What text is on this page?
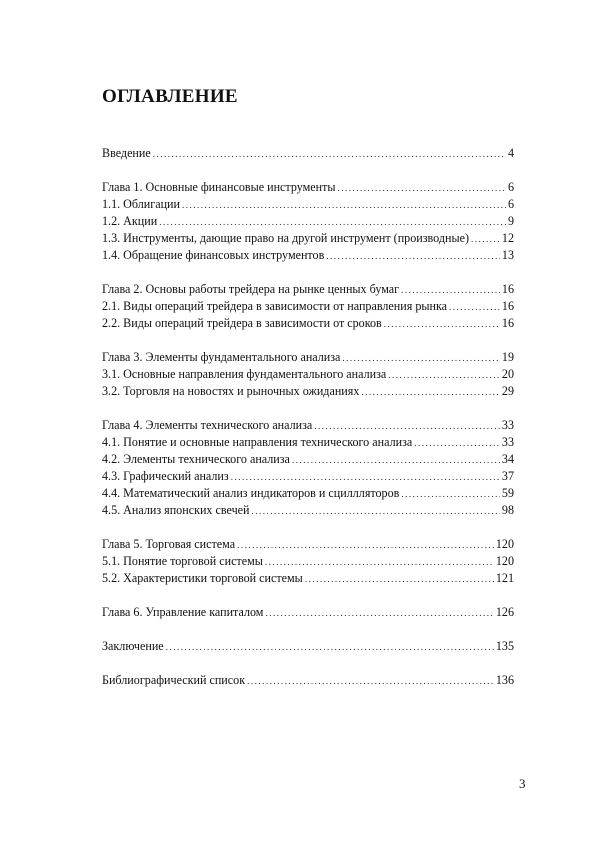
ОГЛАВЛЕНИЕ
Введение .....	4
Глава 1. Основные финансовые инструменты .....	6
1.1. Облигации .....	6
1.2. Акции .....	9
1.3. Инструменты, дающие право на другой инструмент (производные) .....	12
1.4. Обращение финансовых инструментов .....	13
Глава 2. Основы работы трейдера на рынке ценных бумаг .....	16
2.1. Виды операций трейдера в зависимости от направления рынка .....	16
2.2. Виды операций трейдера в зависимости от сроков .....	16
Глава 3. Элементы фундаментального анализа .....	19
3.1. Основные направления фундаментального анализа .....	20
3.2. Торговля на новостях и рыночных ожиданиях .....	29
Глава 4. Элементы технического анализа .....	33
4.1. Понятие и основные направления технического анализа .....	33
4.2. Элементы технического анализа .....	34
4.3. Графический анализ .....	37
4.4. Математический анализ индикаторов и сциллляторов .....	59
4.5. Анализ японских свечей .....	98
Глава 5. Торговая система .....	120
5.1. Понятие торговой системы .....	120
5.2. Характеристики торговой системы .....	121
Глава 6. Управление капиталом .....	126
Заключение .....	135
Библиографический список .....	136
3
